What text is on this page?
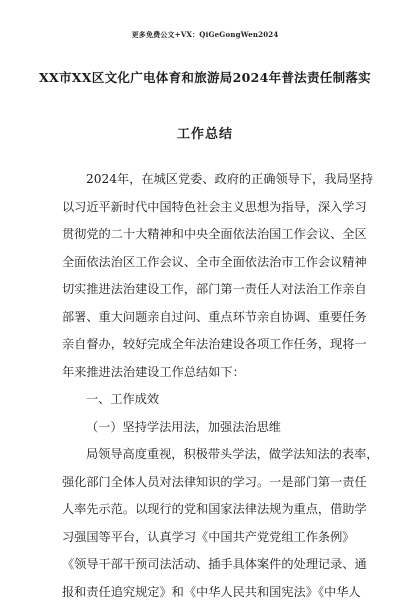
更多免费公文+VX：QiGeGongWen2024
XX市XX区文化广电体育和旅游局2024年普法责任制落实
工作总结
2024年，在城区党委、政府的正确领导下，我局坚持
以习近平新时代中国特色社会主义思想为指导，深入学习
贯彻党的二十大精神和中央全面依法治国工作会议、全区
全面依法治区工作会议、全市全面依法治市工作会议精神
切实推进法治建设工作，部门第一责任人对法治工作亲自
部署、重大问题亲自过问、重点环节亲自协调、重要任务
亲自督办，较好完成全年法治建设各项工作任务，现将一
年来推进法治建设工作总结如下：
一、工作成效
（一）坚持学法用法，加强法治思维
局领导高度重视，积极带头学法，做学法知法的表率，
强化部门全体人员对法律知识的学习。一是部门第一责任
人率先示范。以现行的党和国家法律法规为重点，借助学
习强国等平台，认真学习《中国共产党党组工作条例》
《领导干部干预司法活动、插手具体案件的处理记录、通
报和责任追究规定》和《中华人民共和国宪法》《中华人
